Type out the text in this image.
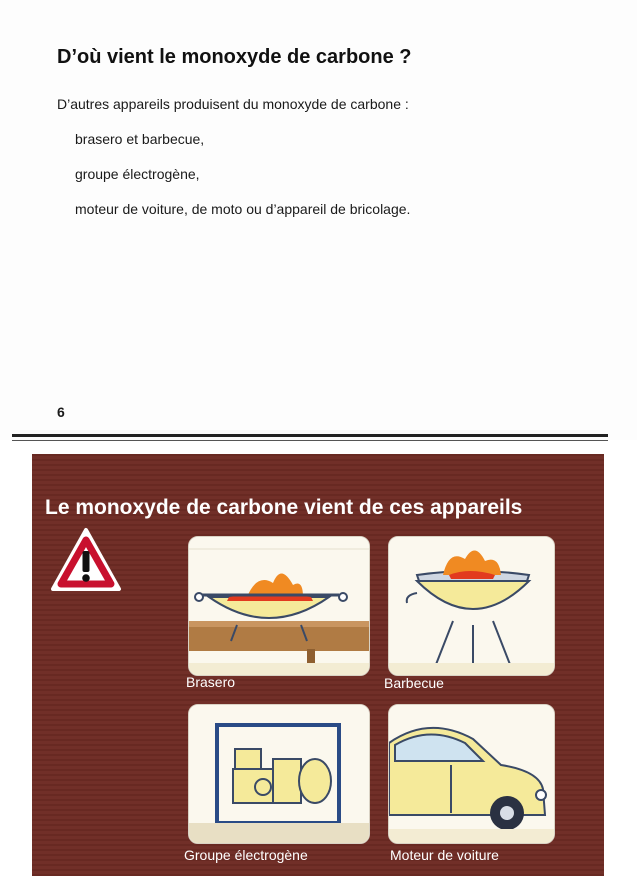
D’où vient le monoxyde de carbone ?

D’autres appareils produisent du monoxyde de carbone :

brasero et barbecue,

groupe électrogène,

moteur de voiture, de moto ou d’appareil de bricolage.

6

Le monoxyde de carbone vient de ces appareils

Brasero	Barbecue

Groupe électrogène	Moteur de voiture
